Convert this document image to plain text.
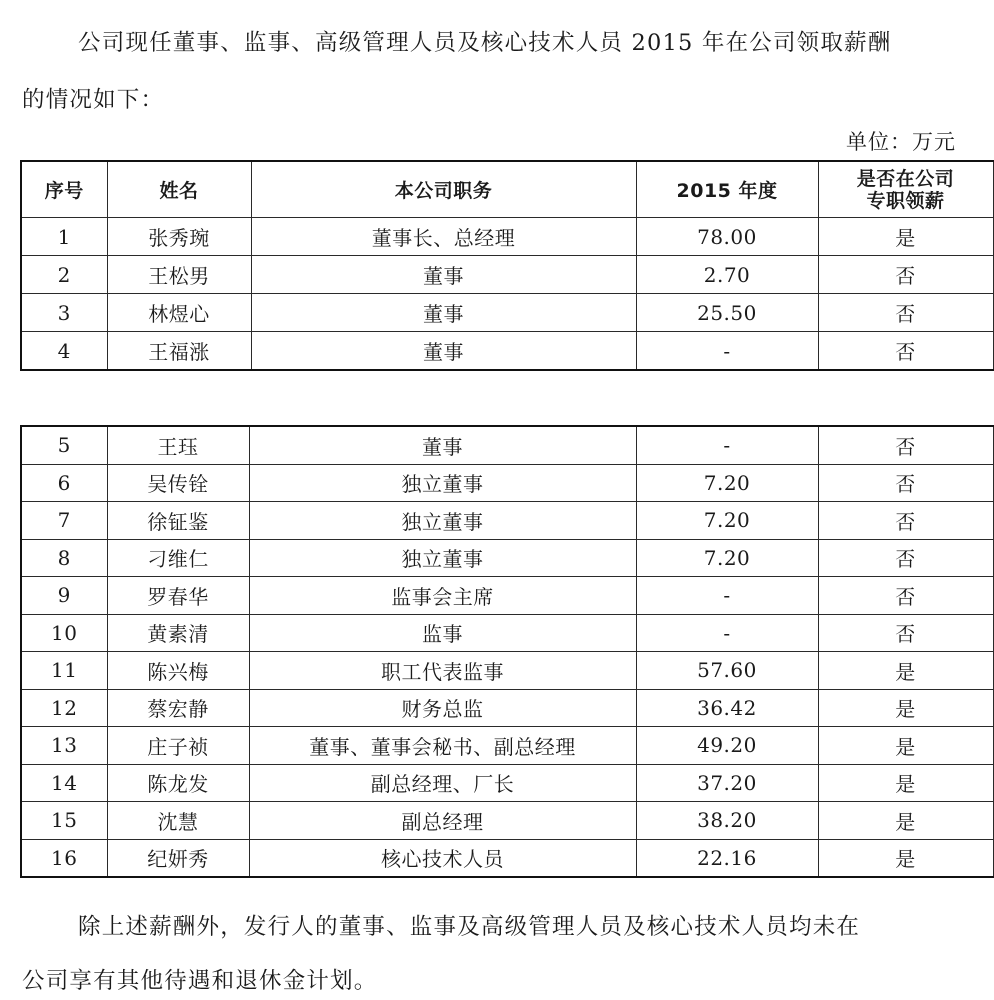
公司现任董事、监事、高级管理人员及核心技术人员 2015 年在公司领取薪酬
的情况如下：
单位：万元
序号	姓名	本公司职务	2015 年度	是否在公司
专职领薪
1	张秀琬	董事长、总经理	78.00	是
2	王松男	董事	2.70	否
3	林煜心	董事	25.50	否
4	王福涨	董事	-	否
5	王珏	董事	-	否
6	吴传铨	独立董事	7.20	否
7	徐钲鉴	独立董事	7.20	否
8	刁维仁	独立董事	7.20	否
9	罗春华	监事会主席	-	否
10	黄素清	监事	-	否
11	陈兴梅	职工代表监事	57.60	是
12	蔡宏静	财务总监	36.42	是
13	庄子祯	董事、董事会秘书、副总经理	49.20	是
14	陈龙发	副总经理、厂长	37.20	是
15	沈慧	副总经理	38.20	是
16	纪妍秀	核心技术人员	22.16	是
除上述薪酬外，发行人的董事、监事及高级管理人员及核心技术人员均未在
公司享有其他待遇和退休金计划。
